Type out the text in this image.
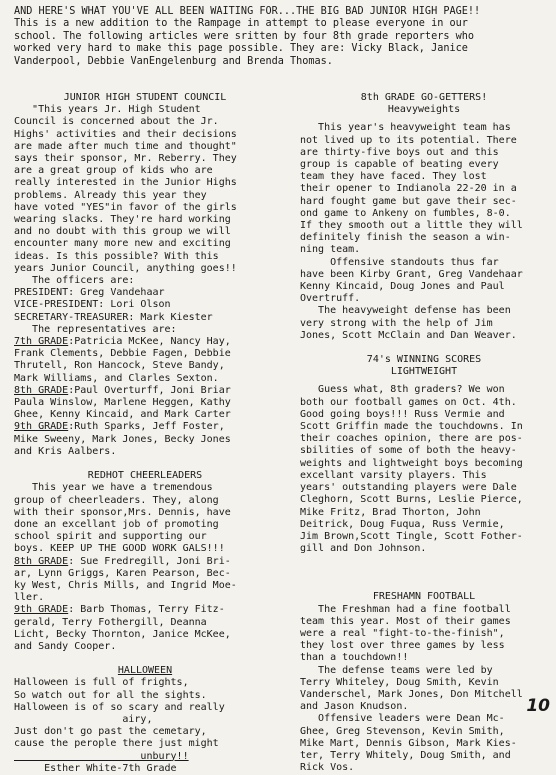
AND HERE'S WHAT YOU'VE ALL BEEN WAITING FOR...THE BIG BAD JUNIOR HIGH PAGE!!

This is a new addition to the Rampage in attempt to please everyone in our

school. The following articles were sritten by four 8th grade reporters who

worked very hard to make this page possible. They are: Vicky Black, Janice

Vanderpool, Debbie VanEngelenburg and Brenda Thomas.

JUNIOR HIGH STUDENT COUNCIL

"This years Jr. High Student

Council is concerned about the Jr.

Highs' activities and their decisions

are made after much time and thought"

says their sponsor, Mr. Reberry. They

are a great group of kids who are

really interested in the Junior Highs

problems. Already this year they

have voted "YES"in favor of the girls

wearing slacks. They're hard working

and no doubt with this group we will

encounter many more new and exciting

ideas. Is this possible? With this

years Junior Council, anything goes!!

The officers are:

PRESIDENT: Greg Vandehaar

VICE-PRESIDENT: Lori Olson

SECRETARY-TREASURER: Mark Kiester

The representatives are:

7th GRADE:Patricia McKee, Nancy Hay,

Frank Clements, Debbie Fagen, Debbie

Thrutell, Ron Hancock, Steve Bandy,

Mark Williams, and Clarles Sexton.

8th GRADE:Paul Overturff, Joni Briar

Paula Winslow, Marlene Heggen, Kathy

Ghee, Kenny Kincaid, and Mark Carter

9th GRADE:Ruth Sparks, Jeff Foster,

Mike Sweeny, Mark Jones, Becky Jones

and Kris Aalbers.

REDHOT CHEERLEADERS

This year we have a tremendous

group of cheerleaders. They, along

with their sponsor,Mrs. Dennis, have

done an excellant job of promoting

school spirit and supporting our

boys. KEEP UP THE GOOD WORK GALS!!!

8th GRADE: Sue Fredregill, Joni Bri-

ar, Lynn Griggs, Karen Pearson, Bec-

ky West, Chris Mills, and Ingrid Moe-

ller.

9th GRADE: Barb Thomas, Terry Fitz-

gerald, Terry Fothergill, Deanna

Licht, Becky Thornton, Janice McKee,

and Sandy Cooper.

HALLOWEEN

Halloween is full of frights,

So watch out for all the sights.

Halloween is of so scary and really

airy,

Just don't go past the cemetary,

cause the perople there just might

unbury!!

Esther White-7th Grade

8th GRADE GO-GETTERS!

Heavyweights

This year's heavyweight team has

not lived up to its potential. There

are thirty-five boys out and this

group is capable of beating every

team they have faced. They lost

their opener to Indianola 22-20 in a

hard fought game but gave their sec-

ond game to Ankeny on fumbles, 8-0.

If they smooth out a little they will

definitely finish the season a win-

ning team.

Offensive standouts thus far

have been Kirby Grant, Greg Vandehaar

Kenny Kincaid, Doug Jones and Paul

Overtruff.

The heavyweight defense has been

very strong with the help of Jim

Jones, Scott McClain and Dan Weaver.

74's WINNING SCORES

LIGHTWEIGHT

Guess what, 8th graders? We won

both our football games on Oct. 4th.

Good going boys!!! Russ Vermie and

Scott Griffin made the touchdowns. In

their coaches opinion, there are pos-

sbilities of some of both the heavy-

weights and lightweight boys becoming

excellant varsity players. This

years' outstanding players were Dale

Cleghorn, Scott Burns, Leslie Pierce,

Mike Fritz, Brad Thorton, John

Deitrick, Doug Fuqua, Russ Vermie,

Jim Brown,Scott Tingle, Scott Fother-

gill and Don Johnson.

FRESHAMN FOOTBALL

The Freshman had a fine football

team this year. Most of their games

were a real "fight-to-the-finish",

they lost over three games by less

than a touchdown!!

The defense teams were led by

Terry Whiteley, Doug Smith, Kevin

Vanderschel, Mark Jones, Don Mitchell

and Jason Knudson.

Offensive leaders were Dean Mc-

Ghee, Greg Stevenson, Kevin Smith,

Mike Mart, Dennis Gibson, Mark Kies-

ter, Terry Whitely, Doug Smith, and

Rick Vos.

10
